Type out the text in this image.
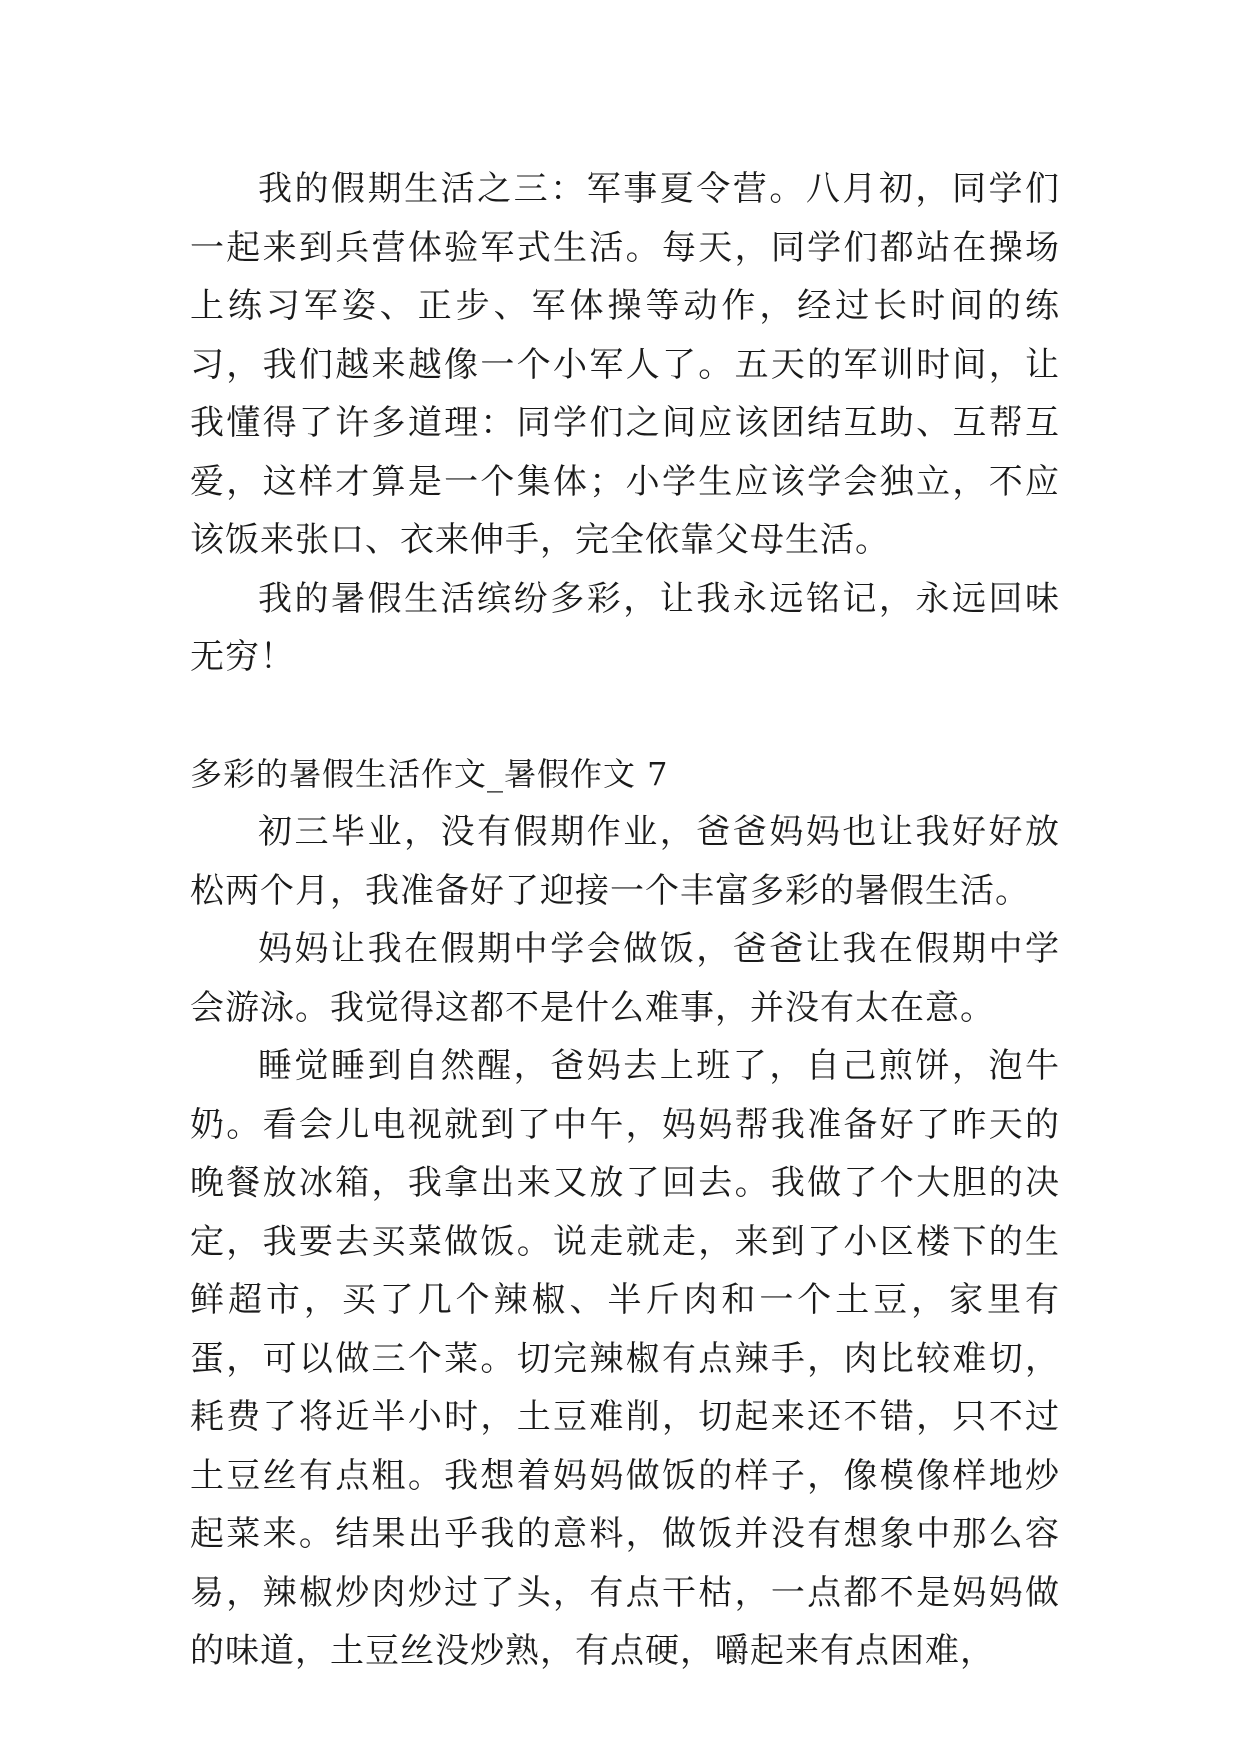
我的假期生活之三：军事夏令营。八月初，同学们一起来到兵营体验军式生活。每天，同学们都站在操场上练习军姿、正步、军体操等动作，经过长时间的练习，我们越来越像一个小军人了。五天的军训时间，让我懂得了许多道理：同学们之间应该团结互助、互帮互爱，这样才算是一个集体；小学生应该学会独立，不应该饭来张口、衣来伸手，完全依靠父母生活。

我的暑假生活缤纷多彩，让我永远铭记，永远回味无穷！

多彩的暑假生活作文_暑假作文 7

初三毕业，没有假期作业，爸爸妈妈也让我好好放松两个月，我准备好了迎接一个丰富多彩的暑假生活。

妈妈让我在假期中学会做饭，爸爸让我在假期中学会游泳。我觉得这都不是什么难事，并没有太在意。

睡觉睡到自然醒，爸妈去上班了，自己煎饼，泡牛奶。看会儿电视就到了中午，妈妈帮我准备好了昨天的晚餐放冰箱，我拿出来又放了回去。我做了个大胆的决定，我要去买菜做饭。说走就走，来到了小区楼下的生鲜超市，买了几个辣椒、半斤肉和一个土豆，家里有蛋，可以做三个菜。切完辣椒有点辣手，肉比较难切，耗费了将近半小时，土豆难削，切起来还不错，只不过土豆丝有点粗。我想着妈妈做饭的样子，像模像样地炒起菜来。结果出乎我的意料，做饭并没有想象中那么容易，辣椒炒肉炒过了头，有点干枯，一点都不是妈妈做的味道，土豆丝没炒熟，有点硬，嚼起来有点困难，
